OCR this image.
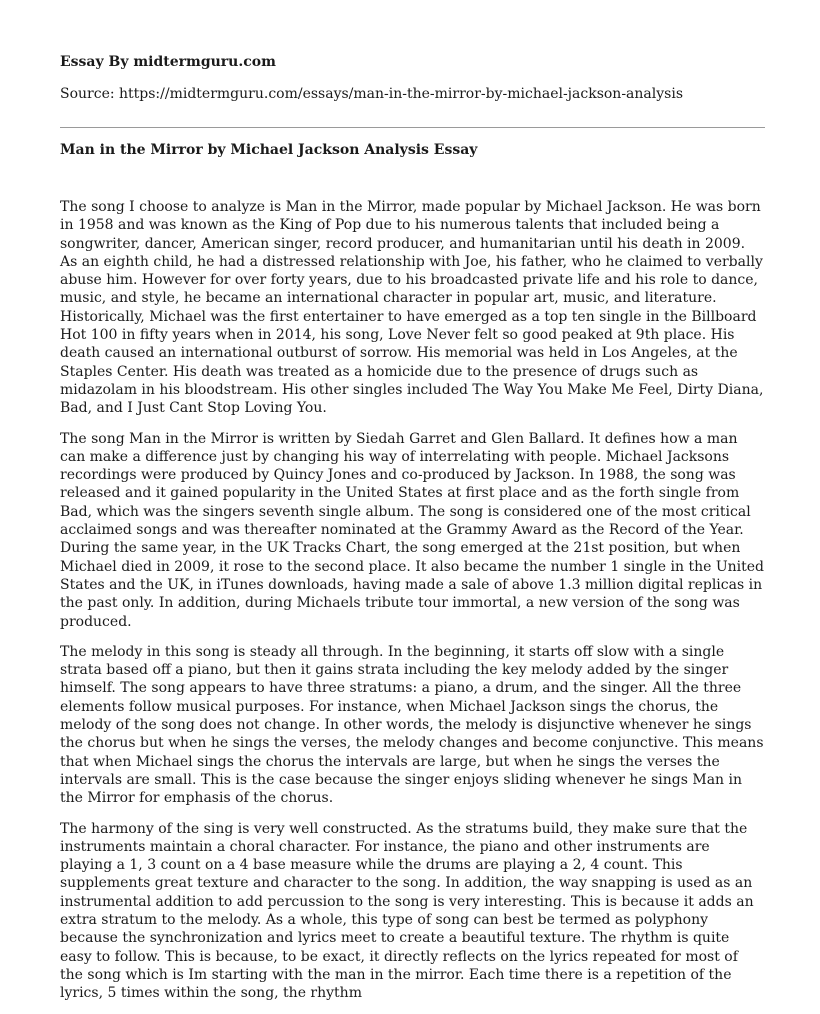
Essay By midtermguru.com
Source: https://midtermguru.com/essays/man-in-the-mirror-by-michael-jackson-analysis
Man in the Mirror by Michael Jackson Analysis Essay

The song I choose to analyze is Man in the Mirror, made popular by Michael Jackson. He was born in 1958 and was known as the King of Pop due to his numerous talents that included being a songwriter, dancer, American singer, record producer, and humanitarian until his death in 2009. As an eighth child, he had a distressed relationship with Joe, his father, who he claimed to verbally abuse him. However for over forty years, due to his broadcasted private life and his role to dance, music, and style, he became an international character in popular art, music, and literature. Historically, Michael was the first entertainer to have emerged as a top ten single in the Billboard Hot 100 in fifty years when in 2014, his song, Love Never felt so good peaked at 9th place. His death caused an international outburst of sorrow. His memorial was held in Los Angeles, at the Staples Center. His death was treated as a homicide due to the presence of drugs such as midazolam in his bloodstream. His other singles included The Way You Make Me Feel, Dirty Diana, Bad, and I Just Cant Stop Loving You.

The song Man in the Mirror is written by Siedah Garret and Glen Ballard. It defines how a man can make a difference just by changing his way of interrelating with people. Michael Jacksons recordings were produced by Quincy Jones and co-produced by Jackson. In 1988, the song was released and it gained popularity in the United States at first place and as the forth single from Bad, which was the singers seventh single album. The song is considered one of the most critical acclaimed songs and was thereafter nominated at the Grammy Award as the Record of the Year. During the same year, in the UK Tracks Chart, the song emerged at the 21st position, but when Michael died in 2009, it rose to the second place. It also became the number 1 single in the United States and the UK, in iTunes downloads, having made a sale of above 1.3 million digital replicas in the past only. In addition, during Michaels tribute tour immortal, a new version of the song was produced.

The melody in this song is steady all through. In the beginning, it starts off slow with a single strata based off a piano, but then it gains strata including the key melody added by the singer himself. The song appears to have three stratums: a piano, a drum, and the singer. All the three elements follow musical purposes. For instance, when Michael Jackson sings the chorus, the melody of the song does not change. In other words, the melody is disjunctive whenever he sings the chorus but when he sings the verses, the melody changes and become conjunctive. This means that when Michael sings the chorus the intervals are large, but when he sings the verses the intervals are small. This is the case because the singer enjoys sliding whenever he sings Man in the Mirror for emphasis of the chorus.

The harmony of the sing is very well constructed. As the stratums build, they make sure that the instruments maintain a choral character. For instance, the piano and other instruments are playing a 1, 3 count on a 4 base measure while the drums are playing a 2, 4 count. This supplements great texture and character to the song. In addition, the way snapping is used as an instrumental addition to add percussion to the song is very interesting. This is because it adds an extra stratum to the melody. As a whole, this type of song can best be termed as polyphony because the synchronization and lyrics meet to create a beautiful texture. The rhythm is quite easy to follow. This is because, to be exact, it directly reflects on the lyrics repeated for most of the song which is Im starting with the man in the mirror. Each time there is a repetition of the lyrics, 5 times within the song, the rhythm
